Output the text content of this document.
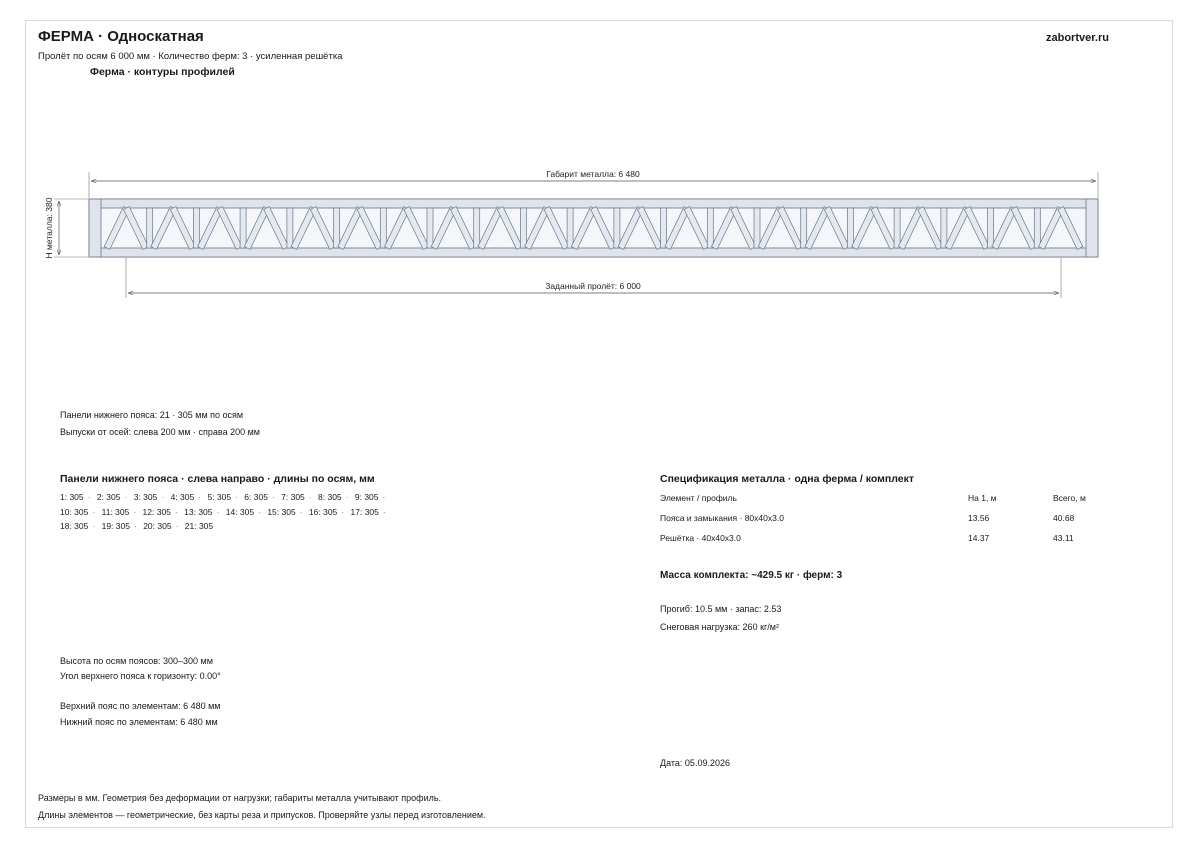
ФЕРМА · Односкатная
Пролёт по осям 6 000 мм · Количество ферм: 3 · усиленная решётка
zabortver.ru
Ферма · контуры профилей
Габарит металла: 6 480
Заданный пролёт: 6 000
Н металла: 380
Панели нижнего пояса: 21 · 305 мм по осям
Выпуски от осей: слева 200 мм · справа 200 мм
Панели нижнего пояса · слева направо · длины по осям, мм
1: 305 · 2: 305 · 3: 305 · 4: 305 · 5: 305 · 6: 305 · 7: 305 · 8: 305 · 9: 305 · 10: 305 · 11: 305 · 12: 305 · 13: 305 · 14: 305 · 15: 305 · 16: 305 · 17: 305 · 18: 305 · 19: 305 · 20: 305 · 21: 305
Спецификация металла · одна ферма / комплект
Элемент / профиль	На 1, м	Всего, м
Пояса и замыкания · 80х40х3.0	13.56	40.68
Решётка · 40х40х3.0	14.37	43.11
Масса комплекта: ~429.5 кг · ферм: 3
Прогиб: 10.5 мм · запас: 2.53
Снеговая нагрузка: 260 кг/м²
Высота по осям поясов: 300–300 мм
Угол верхнего пояса к горизонту: 0.00°
Верхний пояс по элементам: 6 480 мм
Нижний пояс по элементам: 6 480 мм
Дата: 05.09.2026
Размеры в мм. Геометрия без деформации от нагрузки; габариты металла учитывают профиль.
Длины элементов — геометрические, без карты реза и припусков. Проверяйте узлы перед изготовлением.
